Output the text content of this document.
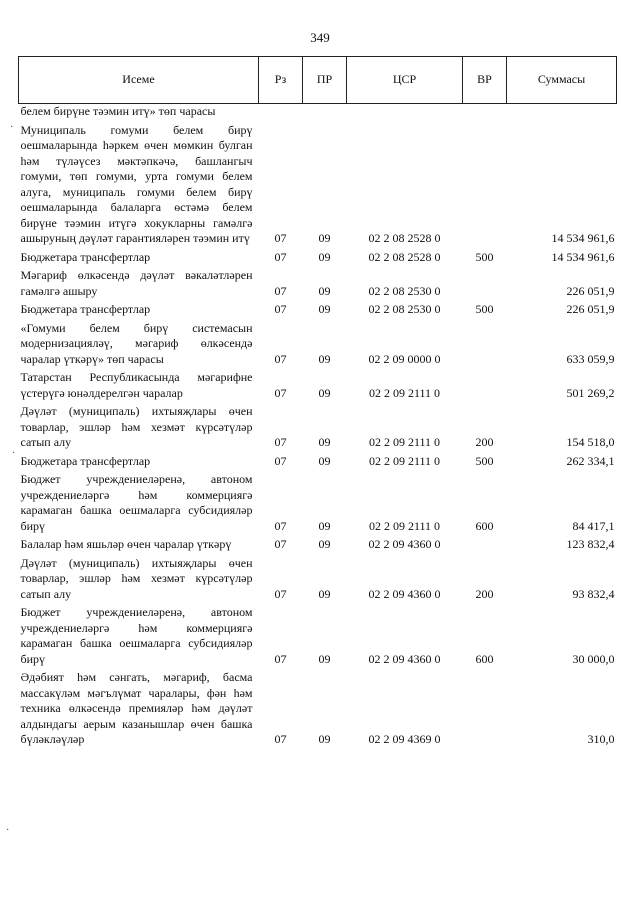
349
Исеме	Рз	ПР	ЦСР	ВР	Суммасы
белем бирүне тәэмин итү» төп чарасы					
Муниципаль гомуми белем бирү оешмаларында һәркем өчен мөмкин булган һәм түләүсез мәктәпкәчә, башлангыч гомуми, төп гомуми, урта гомуми белем алуга, муниципаль гомуми белем бирү оешмаларында балаларга өстәмә белем бирүне тәэмин итүгә хокукларны гамәлгә ашыруның дәүләт гарантияләрен тәэмин итү	07	09	02 2 08 2528 0		14 534 961,6
Бюджетара трансфертлар	07	09	02 2 08 2528 0	500	14 534 961,6
Мәгариф өлкәсендә дәүләт вәкаләтләрен гамәлгә ашыру	07	09	02 2 08 2530 0		226 051,9
Бюджетара трансфертлар	07	09	02 2 08 2530 0	500	226 051,9
«Гомуми белем бирү системасын модернизацияләү, мәгариф өлкәсендә чаралар үткәрү» төп чарасы	07	09	02 2 09 0000 0		633 059,9
Татарстан Республикасында мәгарифне үстерүгә юнәлдерелгән чаралар	07	09	02 2 09 2111 0		501 269,2
Дәүләт (муниципаль) ихтыяҗлары өчен товарлар, эшләр һәм хезмәт күрсәтүләр сатып алу	07	09	02 2 09 2111 0	200	154 518,0
Бюджетара трансфертлар	07	09	02 2 09 2111 0	500	262 334,1
Бюджет учреждениеләренә, автоном учреждениеләргә һәм коммерциягә карамаган башка оешмаларга субсидияләр бирү	07	09	02 2 09 2111 0	600	84 417,1
Балалар һәм яшьләр өчен чаралар үткәрү	07	09	02 2 09 4360 0		123 832,4
Дәүләт (муниципаль) ихтыяҗлары өчен товарлар, эшләр һәм хезмәт күрсәтүләр сатып алу	07	09	02 2 09 4360 0	200	93 832,4
Бюджет учреждениеләренә, автоном учреждениеләргә һәм коммерциягә карамаган башка оешмаларга субсидияләр бирү	07	09	02 2 09 4360 0	600	30 000,0
Әдәбият һәм сәнгать, мәгариф, басма массакүләм мәгълүмат чаралары, фән һәм техника өлкәсендә премияләр һәм дәүләт алдындагы аерым казанышлар өчен башка бүләкләүләр	07	09	02 2 09 4369 0		310,0
·
·
·
